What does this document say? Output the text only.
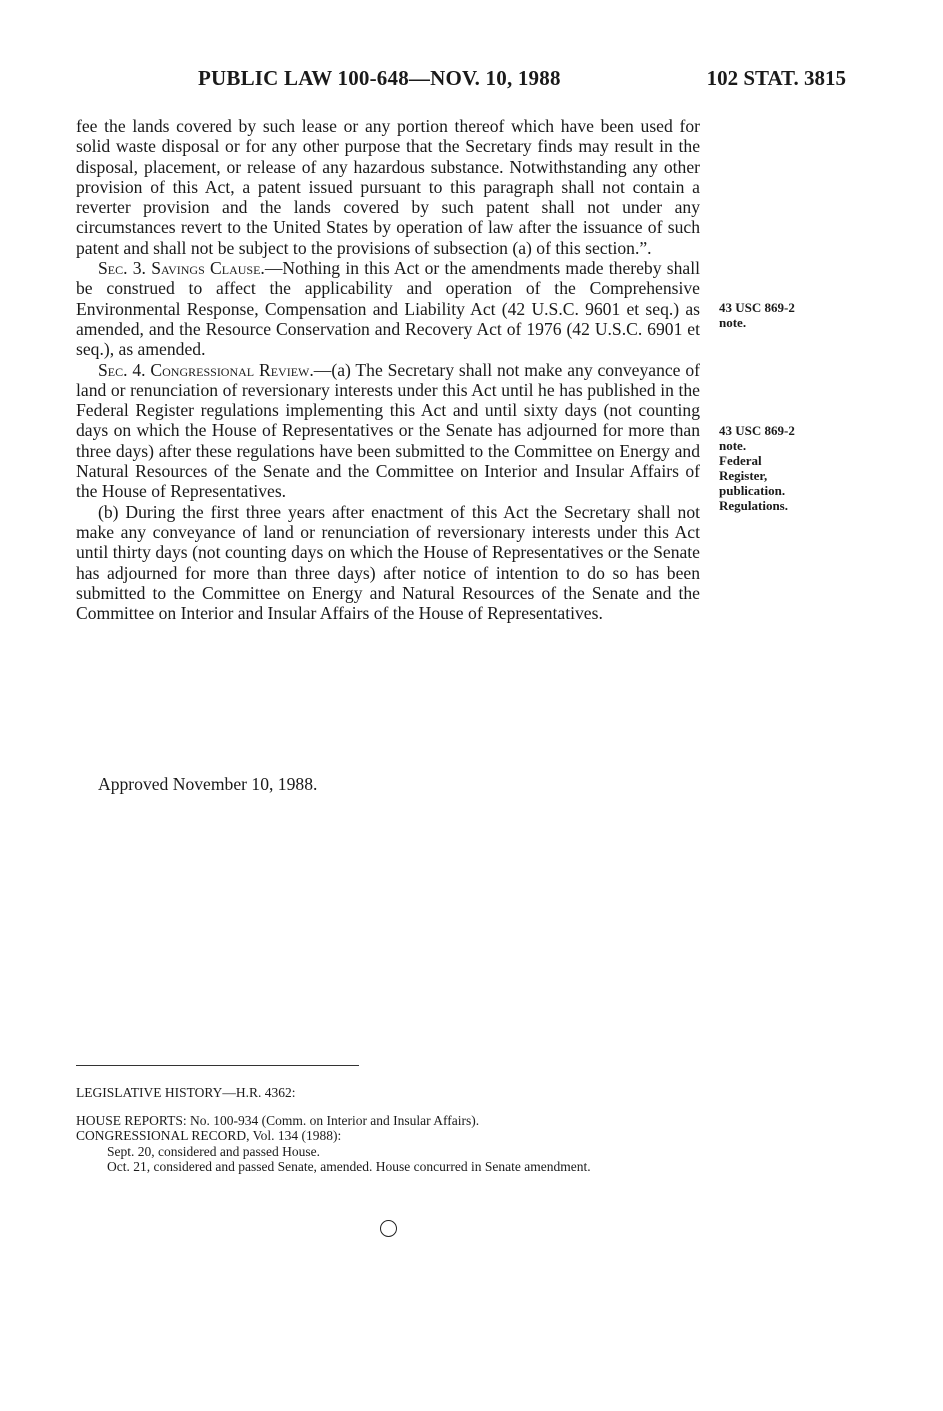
PUBLIC LAW 100-648—NOV. 10, 1988	102 STAT. 3815

fee the lands covered by such lease or any portion thereof which have been used for solid waste disposal or for any other purpose that the Secretary finds may result in the disposal, placement, or release of any hazardous substance. Notwithstanding any other provision of this Act, a patent issued pursuant to this paragraph shall not contain a reverter provision and the lands covered by such patent shall not under any circumstances revert to the United States by operation of law after the issuance of such patent and shall not be subject to the provisions of subsection (a) of this section.”.

Sec. 3. Savings Clause.—Nothing in this Act or the amendments made thereby shall be construed to affect the applicability and operation of the Comprehensive Environmental Response, Compensation and Liability Act (42 U.S.C. 9601 et seq.) as amended, and the Resource Conservation and Recovery Act of 1976 (42 U.S.C. 6901 et seq.), as amended.

Sec. 4. Congressional Review.—(a) The Secretary shall not make any conveyance of land or renunciation of reversionary interests under this Act until he has published in the Federal Register regulations implementing this Act and until sixty days (not counting days on which the House of Representatives or the Senate has adjourned for more than three days) after these regulations have been submitted to the Committee on Energy and Natural Resources of the Senate and the Committee on Interior and Insular Affairs of the House of Representatives.

(b) During the first three years after enactment of this Act the Secretary shall not make any conveyance of land or renunciation of reversionary interests under this Act until thirty days (not counting days on which the House of Representatives or the Senate has adjourned for more than three days) after notice of intention to do so has been submitted to the Committee on Energy and Natural Resources of the Senate and the Committee on Interior and Insular Affairs of the House of Representatives.

Approved November 10, 1988.
43 USC 869-2
note.
43 USC 869-2
note.
Federal
Register,
publication.
Regulations.

LEGISLATIVE HISTORY—H.R. 4362:

HOUSE REPORTS: No. 100-934 (Comm. on Interior and Insular Affairs).

CONGRESSIONAL RECORD, Vol. 134 (1988):

Sept. 20, considered and passed House.

Oct. 21, considered and passed Senate, amended. House concurred in Senate amendment.
